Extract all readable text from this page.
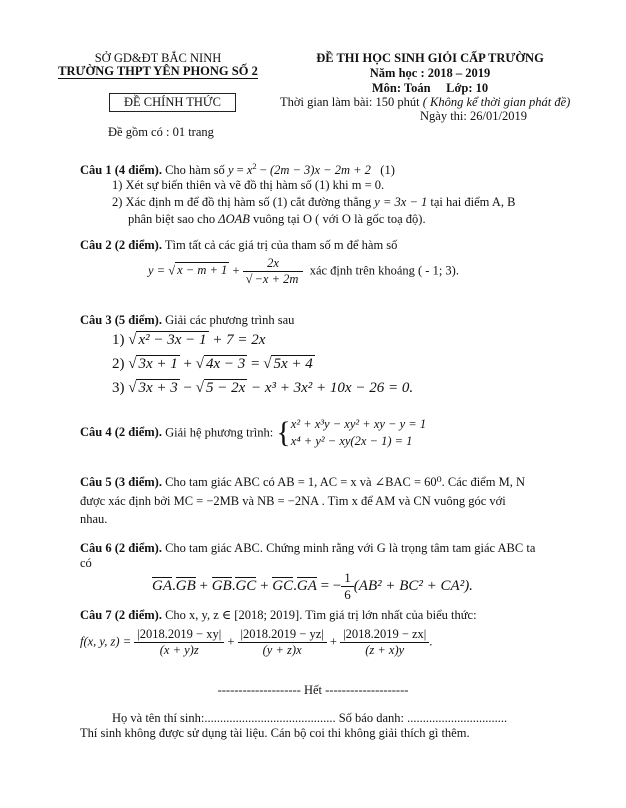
SỞ GD&ĐT BẮC NINH
TRƯỜNG THPT YÊN PHONG SỐ 2
ĐỀ CHÍNH THỨC
Đề gồm có : 01 trang
ĐỀ THI HỌC SINH GIỎI CẤP TRƯỜNG
Năm học : 2018 – 2019
Môn: Toán     Lớp: 10
Thời gian làm bài: 150 phút ( Không kể thời gian phát đề)
Ngày thi: 26/01/2019
Câu 1 (4 điểm). Cho hàm số $y = x^2 - (2m - 3)x - 2m + 2$ (1)
1) Xét sự biến thiên và vẽ đồ thị hàm số (1) khi m = 0.
2) Xác định m để đồ thị hàm số (1) cắt đường thẳng y = 3x − 1 tại hai điểm A, B
phân biệt sao cho ΔOAB vuông tại O ( với O là gốc toạ độ).
Câu 2 (2 điểm). Tìm tất cả các giá trị của tham số m để hàm số
y = √ $x - m + 1 + \frac{2x}{√ -x + 2m}$ xác định trên khoảng ( - 1; 3).
Câu 3 (5 điểm). Giải các phương trình sau
1) √ x² − 3x − 1 + 7 = 2x
2) √ 3x + 1 + √ 4x − 3 = √ 5x + 4
3) √ 3x + 3 − √ 5 − 2x − x³ + 3x² + 10x − 26 = 0.
Câu 4 (2 điểm). Giải hệ phương trình: { x² + x³y − xy² + xy − y = 1
x⁴ + y² − xy(2x − 1) = 1
Câu 5 (3 điểm). Cho tam giác ABC có AB = 1, AC = x và ∠BAC = 60⁰. Các điểm M, N
được xác định bởi MC = −2MB và NB = −2NA . Tìm x để AM và CN vuông góc với
nhau.
Câu 6 (2 điểm). Cho tam giác ABC. Chứng minh rằng với G là trọng tâm tam giác ABC ta
có
GA.GB + GB.GC + GC.GA = − $\frac{1}{6} (AB^2 + BC^2 + CA^2)$.
Câu 7 (2 điểm). Cho x, y, z ∈ [2018; 2019]. Tìm giá trị lớn nhất của biểu thức:
f(x, y, $z) = \frac{|2018.2019 - xy|}{(x + y)z} + \frac{|2018.2019 - yz|}{(y + z)x} + \frac{|2018.2019 - zx|}{(z + x)y}$ .
-------------------- Hết --------------------
Họ và tên thí sinh:.......................................... Số báo danh: ................................
Thí sinh không được sử dụng tài liệu. Cán bộ coi thi không giải thích gì thêm.
